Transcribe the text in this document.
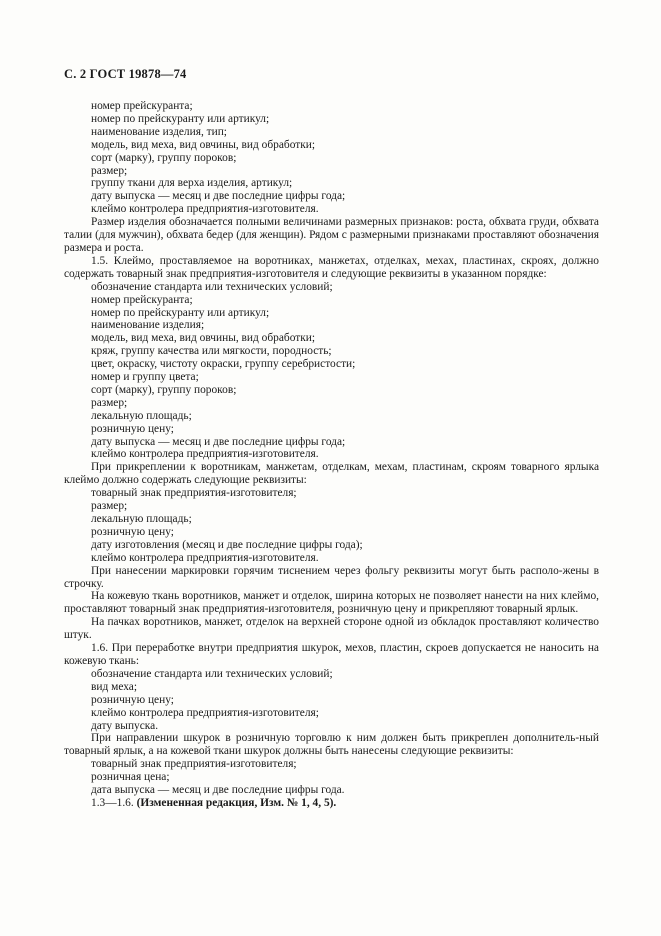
С. 2 ГОСТ 19878—74

номер прейскуранта;

номер по прейскуранту или артикул;

наименование изделия, тип;

модель, вид меха, вид овчины, вид обработки;

сорт (марку), группу пороков;

размер;

группу ткани для верха изделия, артикул;

дату выпуска — месяц и две последние цифры года;

клеймо контролера предприятия-изготовителя.

Размер изделия обозначается полными величинами размерных признаков: роста, обхвата груди, обхвата талии (для мужчин), обхвата бедер (для женщин). Рядом с размерными признаками проставляют обозначения размера и роста.

1.5. Клеймо, проставляемое на воротниках, манжетах, отделках, мехах, пластинах, скроях, должно содержать товарный знак предприятия-изготовителя и следующие реквизиты в указанном порядке:

обозначение стандарта или технических условий;

номер прейскуранта;

номер по прейскуранту или артикул;

наименование изделия;

модель, вид меха, вид овчины, вид обработки;

кряж, группу качества или мягкости, породность;

цвет, окраску, чистоту окраски, группу серебристости;

номер и группу цвета;

сорт (марку), группу пороков;

размер;

лекальную площадь;

розничную цену;

дату выпуска — месяц и две последние цифры года;

клеймо контролера предприятия-изготовителя.

При прикреплении к воротникам, манжетам, отделкам, мехам, пластинам, скроям товарного ярлыка клеймо должно содержать следующие реквизиты:

товарный знак предприятия-изготовителя;

размер;

лекальную площадь;

розничную цену;

дату изготовления (месяц и две последние цифры года);

клеймо контролера предприятия-изготовителя.

При нанесении маркировки горячим тиснением через фольгу реквизиты могут быть располо-жены в строчку.

На кожевую ткань воротников, манжет и отделок, ширина которых не позволяет нанести на них клеймо, проставляют товарный знак предприятия-изготовителя, розничную цену и прикрепляют товарный ярлык.

На пачках воротников, манжет, отделок на верхней стороне одной из обкладок проставляют количество штук.

1.6. При переработке внутри предприятия шкурок, мехов, пластин, скроев допускается не наносить на кожевую ткань:

обозначение стандарта или технических условий;

вид меха;

розничную цену;

клеймо контролера предприятия-изготовителя;

дату выпуска.

При направлении шкурок в розничную торговлю к ним должен быть прикреплен дополнитель-ный товарный ярлык, а на кожевой ткани шкурок должны быть нанесены следующие реквизиты:

товарный знак предприятия-изготовителя;

розничная цена;

дата выпуска — месяц и две последние цифры года.

1.3—1.6. (Измененная редакция, Изм. № 1, 4, 5).
